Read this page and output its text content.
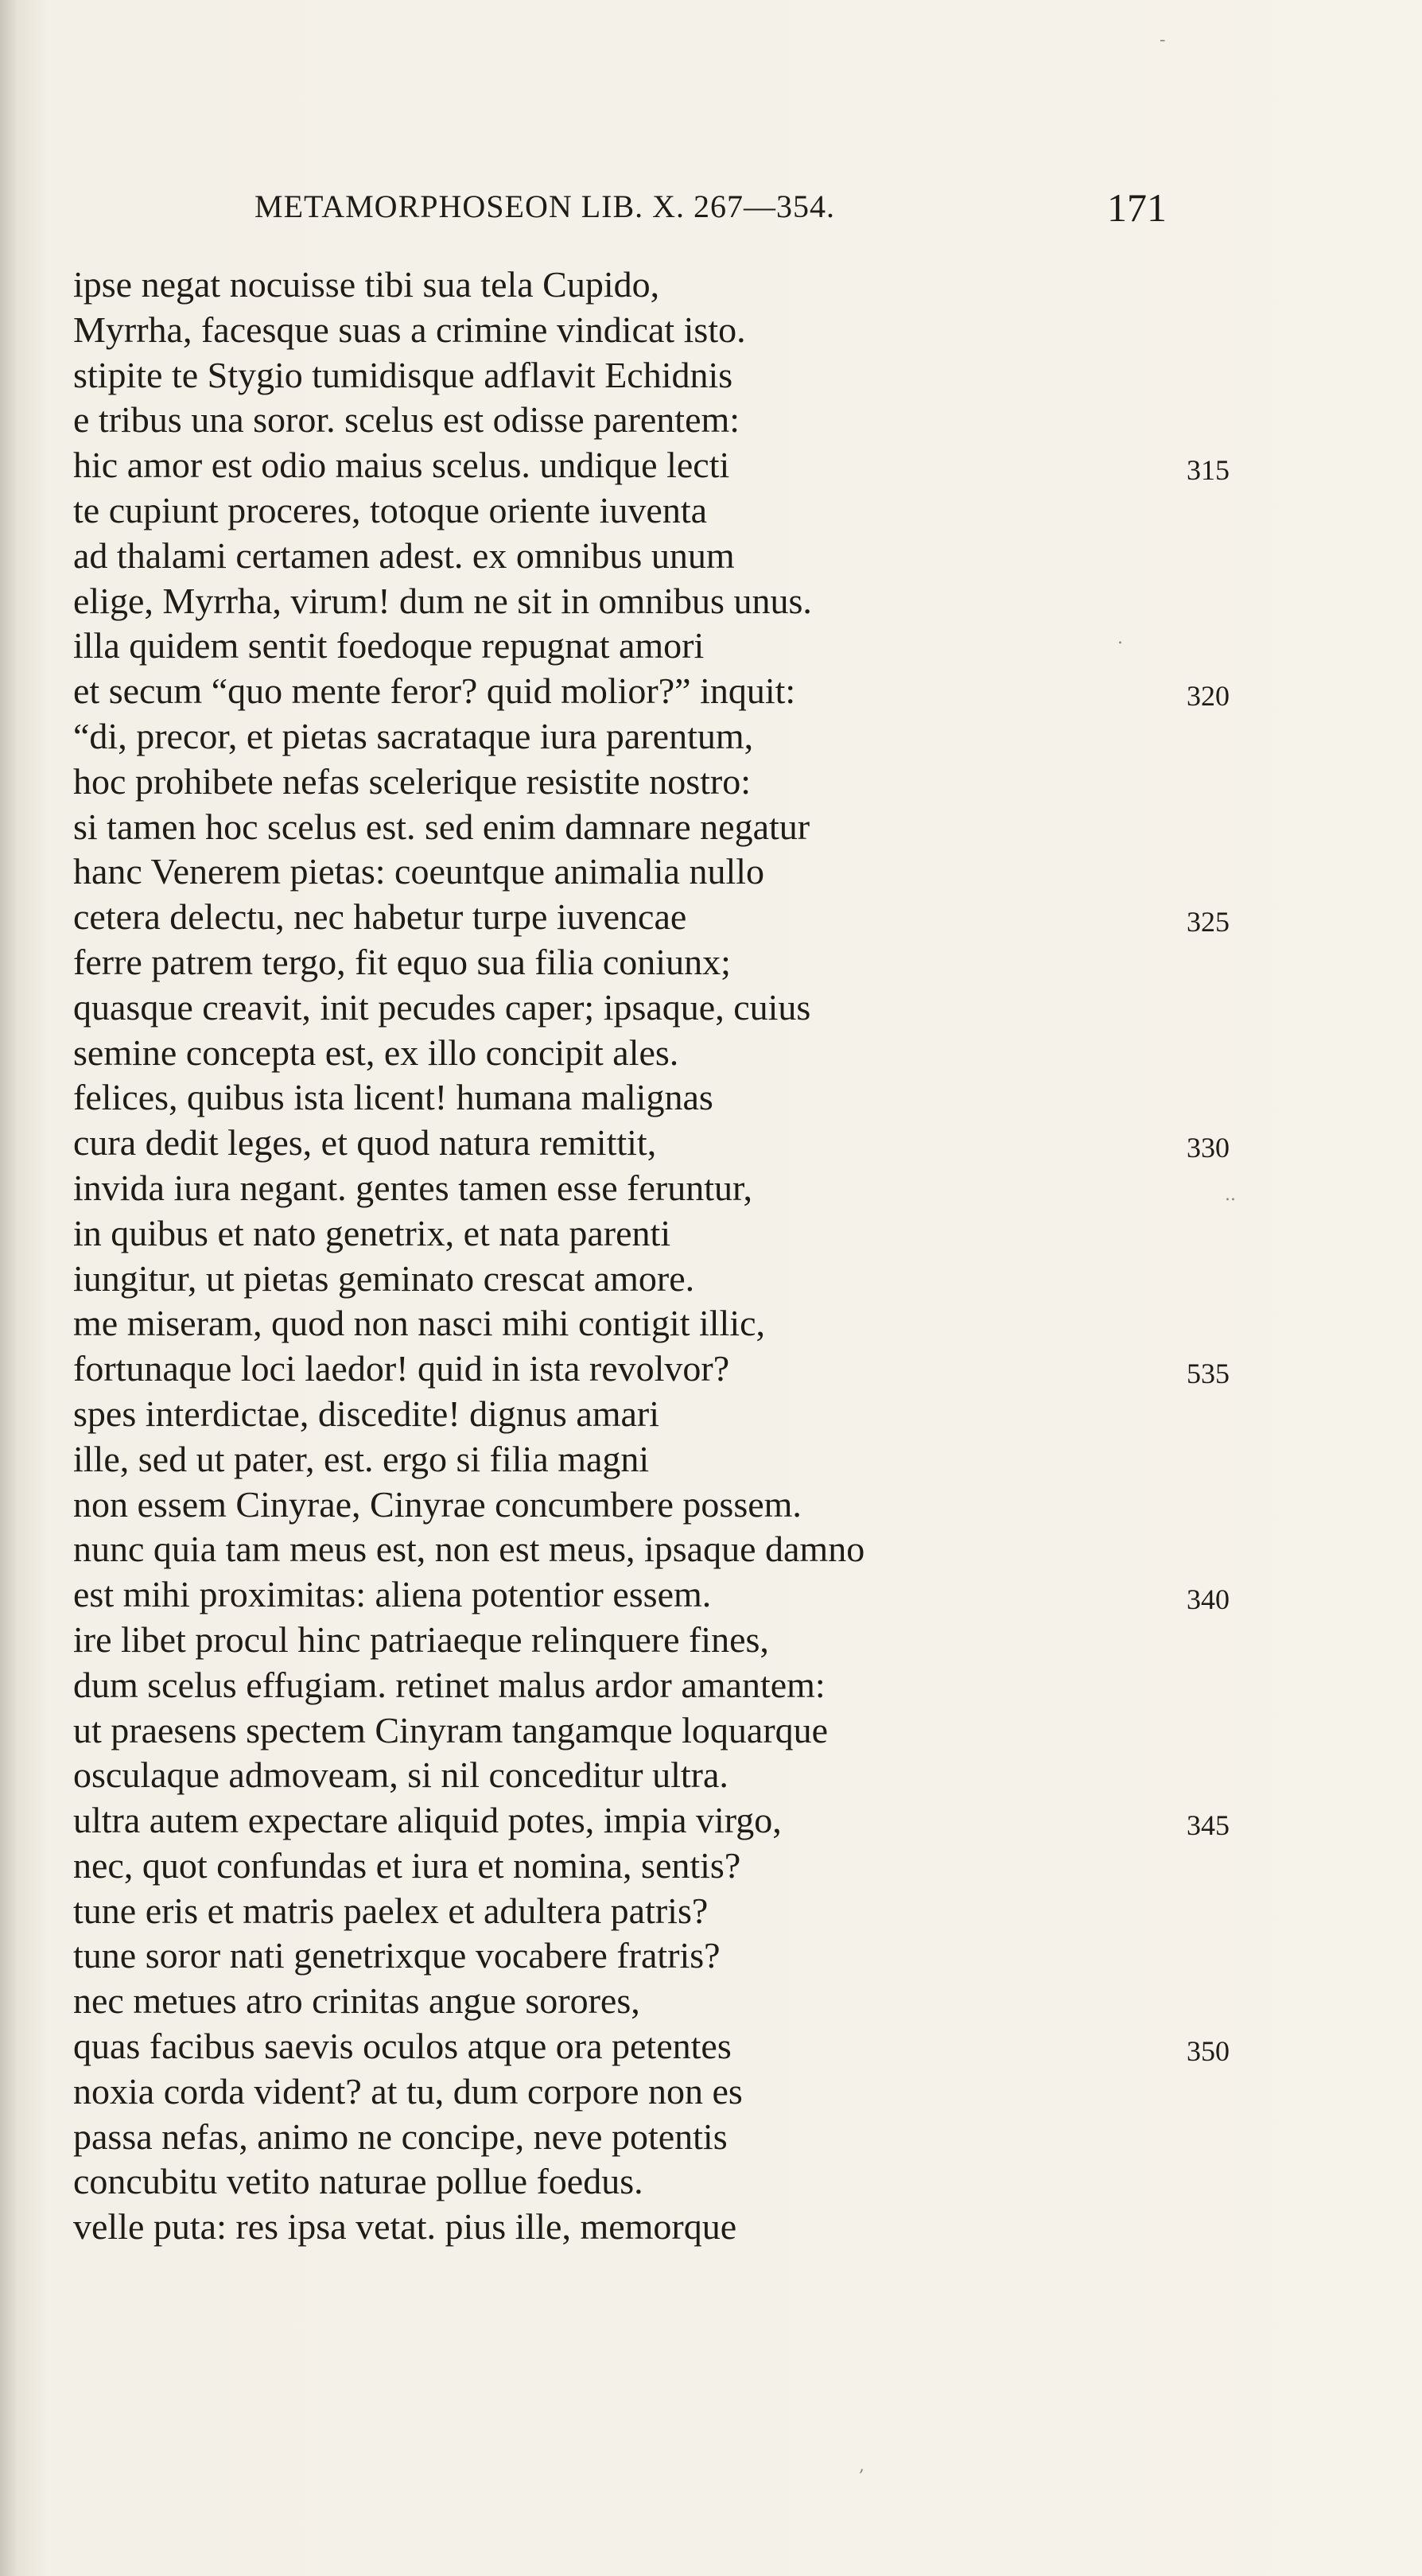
METAMORPHOSEON LIB. X. 267—354.	171
ipse negat nocuisse tibi sua tela Cupido,
Myrrha, facesque suas a crimine vindicat isto.
stipite te Stygio tumidisque adflavit Echidnis
e tribus una soror. scelus est odisse parentem:
hic amor est odio maius scelus. undique lecti	315
te cupiunt proceres, totoque oriente iuventa
ad thalami certamen adest. ex omnibus unum
elige, Myrrha, virum! dum ne sit in omnibus unus.
illa quidem sentit foedoque repugnat amori
et secum “quo mente feror? quid molior?” inquit:	320
“di, precor, et pietas sacrataque iura parentum,
hoc prohibete nefas scelerique resistite nostro:
si tamen hoc scelus est. sed enim damnare negatur
hanc Venerem pietas: coeuntque animalia nullo
cetera delectu, nec habetur turpe iuvencae	325
ferre patrem tergo, fit equo sua filia coniunx;
quasque creavit, init pecudes caper; ipsaque, cuius
semine concepta est, ex illo concipit ales.
felices, quibus ista licent! humana malignas
cura dedit leges, et quod natura remittit,	330
invida iura negant. gentes tamen esse feruntur,
in quibus et nato genetrix, et nata parenti
iungitur, ut pietas geminato crescat amore.
me miseram, quod non nasci mihi contigit illic,
fortunaque loci laedor! quid in ista revolvor?	535
spes interdictae, discedite! dignus amari
ille, sed ut pater, est. ergo si filia magni
non essem Cinyrae, Cinyrae concumbere possem.
nunc quia tam meus est, non est meus, ipsaque damno
est mihi proximitas: aliena potentior essem.	340
ire libet procul hinc patriaeque relinquere fines,
dum scelus effugiam. retinet malus ardor amantem:
ut praesens spectem Cinyram tangamque loquarque
osculaque admoveam, si nil conceditur ultra.
ultra autem expectare aliquid potes, impia virgo,	345
nec, quot confundas et iura et nomina, sentis?
tune eris et matris paelex et adultera patris?
tune soror nati genetrixque vocabere fratris?
nec metues atro crinitas angue sorores,
quas facibus saevis oculos atque ora petentes	350
noxia corda vident? at tu, dum corpore non es
passa nefas, animo ne concipe, neve potentis
concubitu vetito naturae pollue foedus.
velle puta: res ipsa vetat. pius ille, memorque
-
.
..
,
